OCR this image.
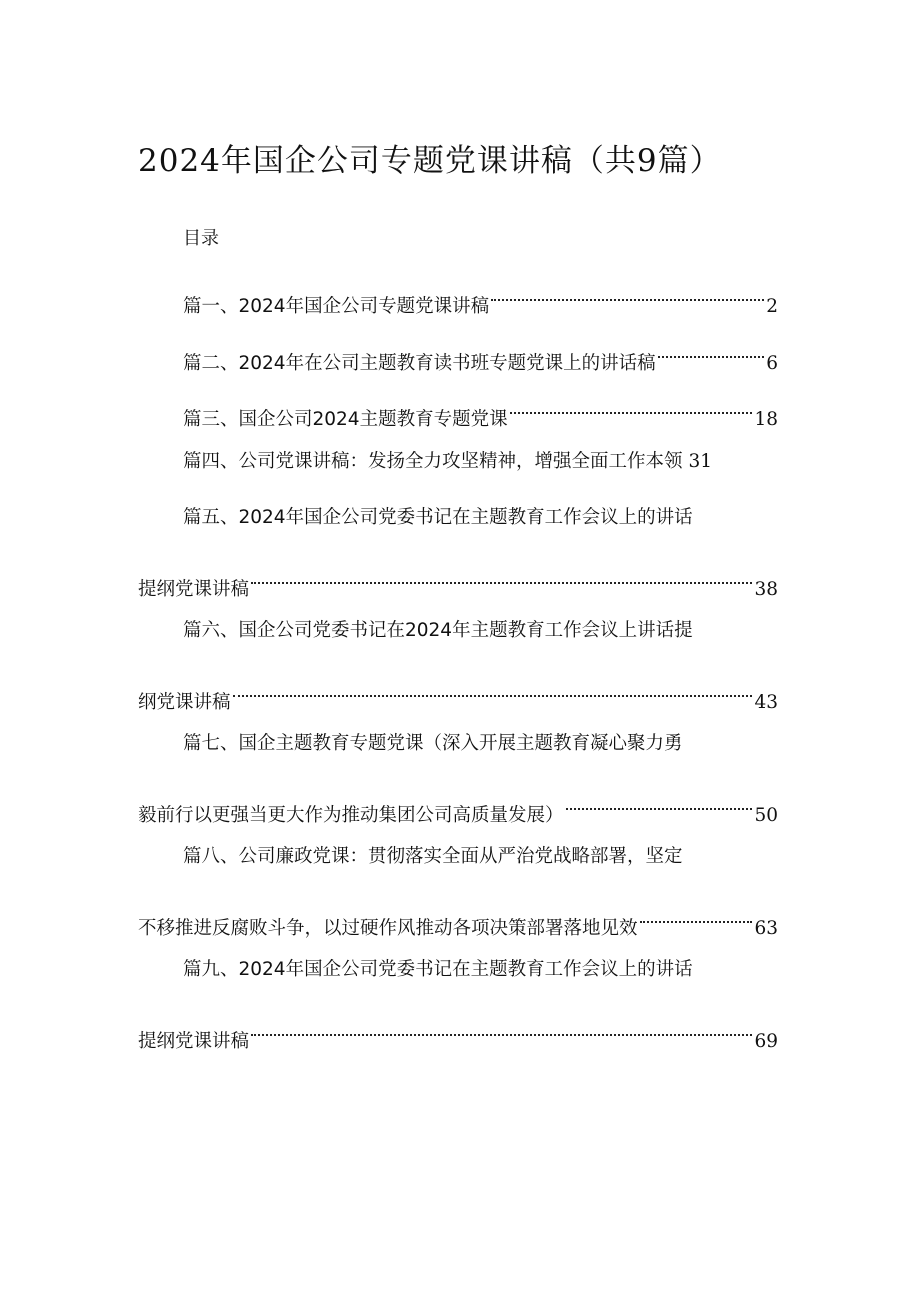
2024年国企公司专题党课讲稿（共9篇）
目录
篇一、2024年国企公司专题党课讲稿	2
篇二、2024年在公司主题教育读书班专题党课上的讲话稿	6
篇三、国企公司2024主题教育专题党课	18
篇四、公司党课讲稿：发扬全力攻坚精神，增强全面工作本领 31
篇五、2024年国企公司党委书记在主题教育工作会议上的讲话
提纲党课讲稿	38
篇六、国企公司党委书记在2024年主题教育工作会议上讲话提
纲党课讲稿	43
篇七、国企主题教育专题党课（深入开展主题教育凝心聚力勇
毅前行以更强当更大作为推动集团公司高质量发展）	50
篇八、公司廉政党课：贯彻落实全面从严治党战略部署，坚定
不移推进反腐败斗争，以过硬作风推动各项决策部署落地见效	63
篇九、2024年国企公司党委书记在主题教育工作会议上的讲话
提纲党课讲稿	69
